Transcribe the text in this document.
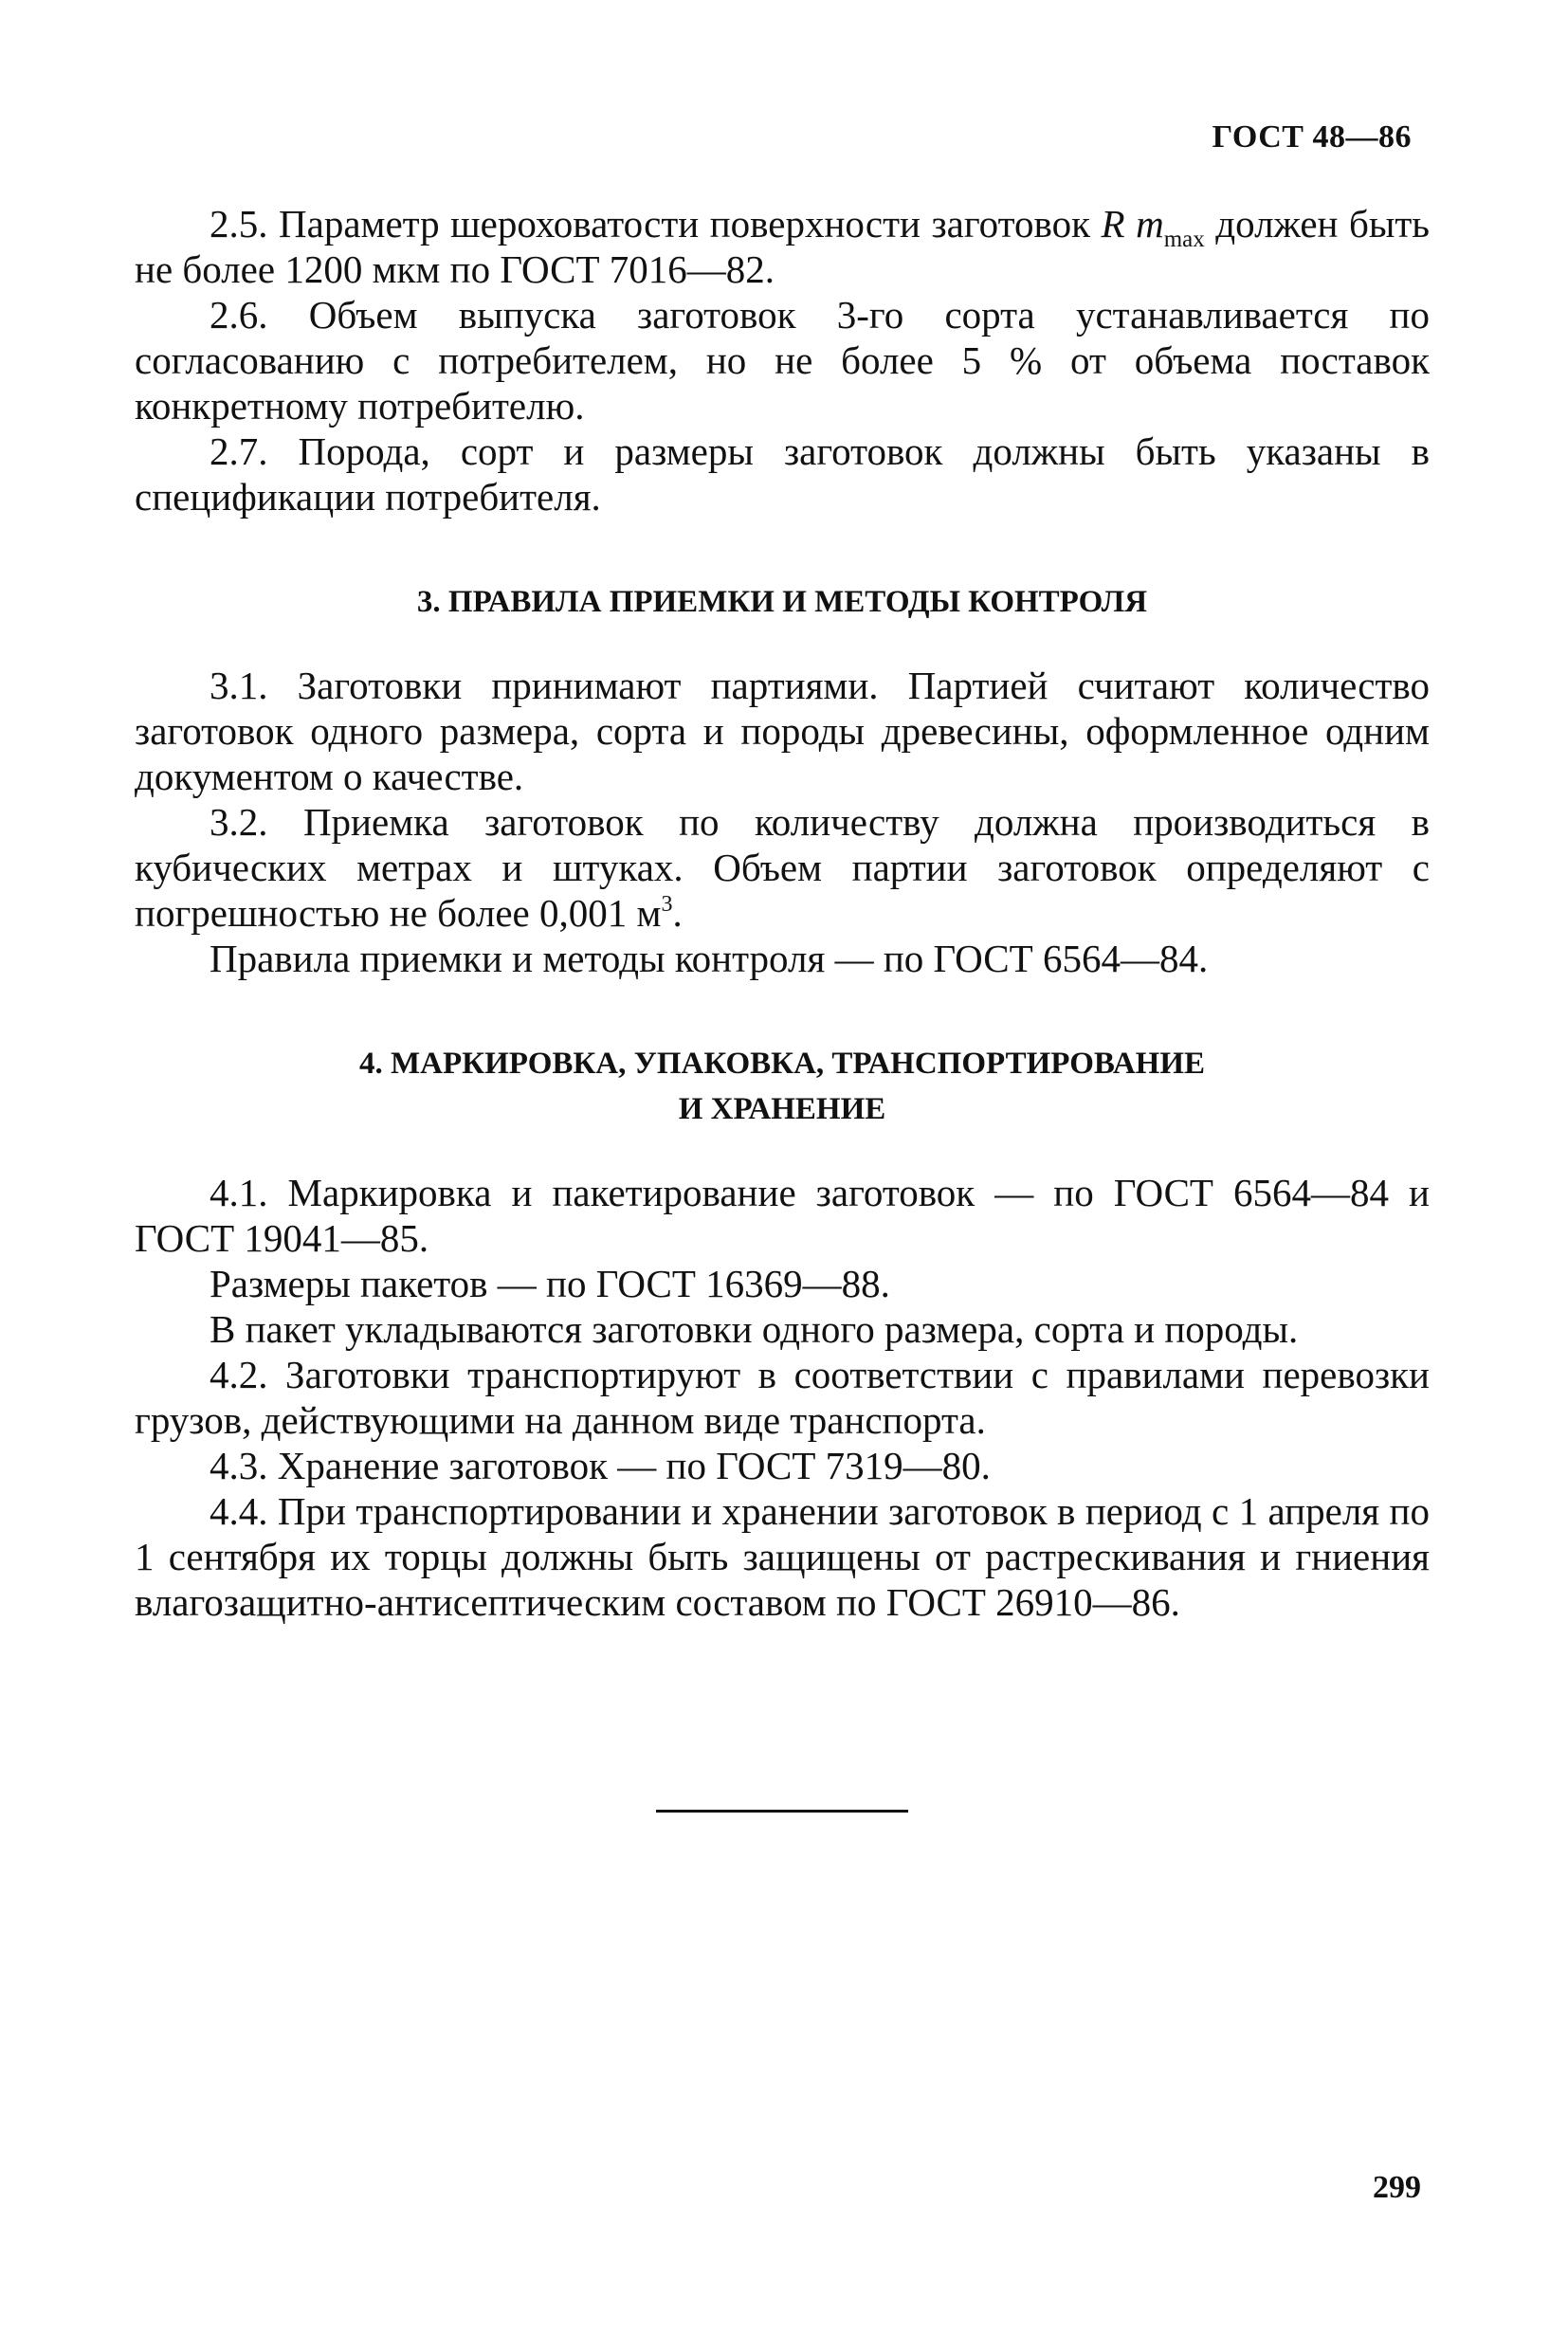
ГОСТ 48—86

2.5. Параметр шероховатости поверхности заготовок R $m_{max}$ должен быть не более 1200 мкм по ГОСТ 7016—82.

2.6. Объем выпуска заготовок 3-го сорта устанавливается по согласованию с потребителем, но не более 5 % от объема поставок конкретному потребителю.

2.7. Порода, сорт и размеры заготовок должны быть указаны в спецификации потребителя.

3. ПРАВИЛА ПРИЕМКИ И МЕТОДЫ КОНТРОЛЯ

3.1. Заготовки принимают партиями. Партией считают количество заготовок одного размера, сорта и породы древесины, оформленное одним документом о качестве.

3.2. Приемка заготовок по количеству должна производиться в кубических метрах и штуках. Объем партии заготовок определяют с погрешностью не более 0,001 $м^3$.

Правила приемки и методы контроля — по ГОСТ 6564—84.

4. МАРКИРОВКА, УПАКОВКА, ТРАНСПОРТИРОВАНИЕ

И ХРАНЕНИЕ

4.1. Маркировка и пакетирование заготовок — по ГОСТ 6564—84 и ГОСТ 19041—85.

Размеры пакетов — по ГОСТ 16369—88.

В пакет укладываются заготовки одного размера, сорта и породы.

4.2. Заготовки транспортируют в соответствии с правилами перевозки грузов, действующими на данном виде транспорта.

4.3. Хранение заготовок — по ГОСТ 7319—80.

4.4. При транспортировании и хранении заготовок в период с 1 апреля по 1 сентября их торцы должны быть защищены от растрескивания и гниения влагозащитно-антисептическим составом по ГОСТ 26910—86.

299
